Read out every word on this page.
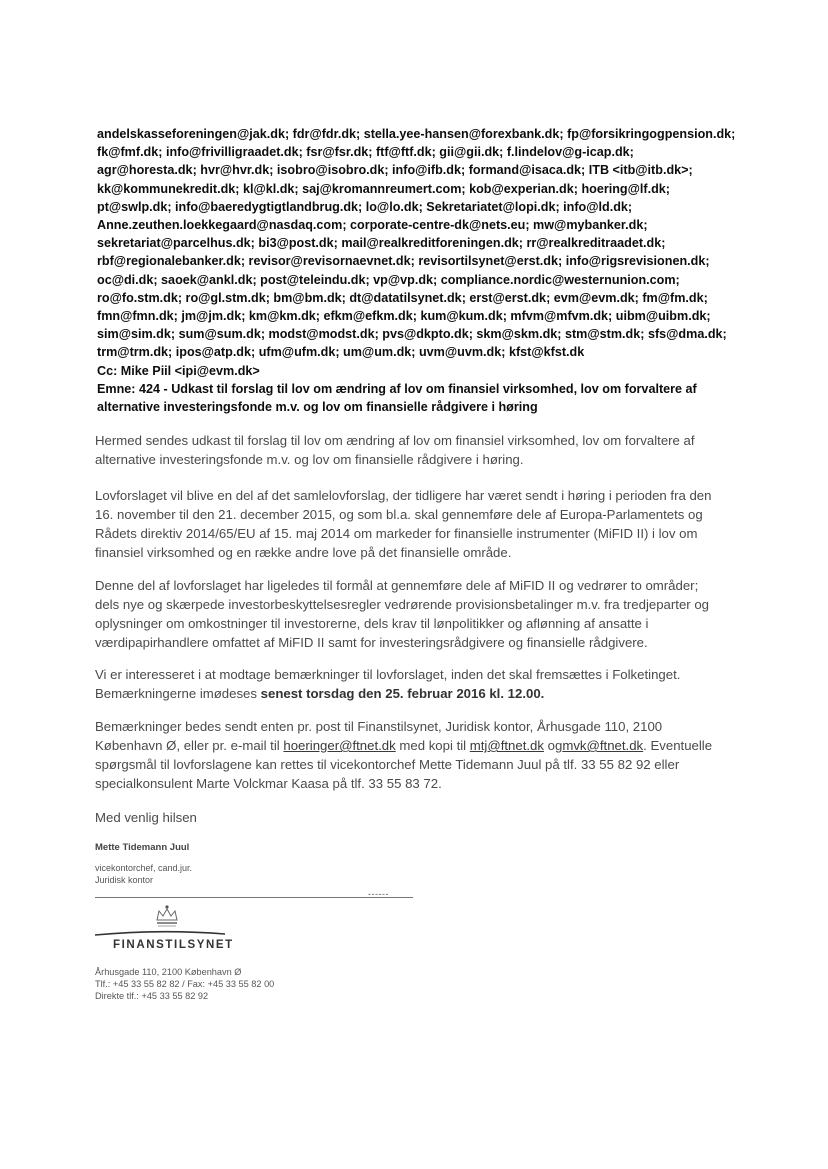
andelskasseforeningen@jak.dk; fdr@fdr.dk; stella.yee-hansen@forexbank.dk; fp@forsikringogpension.dk;
fk@fmf.dk; info@frivilligraadet.dk; fsr@fsr.dk; ftf@ftf.dk; gii@gii.dk; f.lindelov@g-icap.dk;
agr@horesta.dk; hvr@hvr.dk; isobro@isobro.dk; info@ifb.dk; formand@isaca.dk; ITB <itb@itb.dk>;
kk@kommunekredit.dk; kl@kl.dk; saj@kromannreumert.com; kob@experian.dk; hoering@lf.dk;
pt@swlp.dk; info@baeredygtigtlandbrug.dk; lo@lo.dk; Sekretariatet@lopi.dk; info@ld.dk;
Anne.zeuthen.loekkegaard@nasdaq.com; corporate-centre-dk@nets.eu; mw@mybanker.dk;
sekretariat@parcelhus.dk; bi3@post.dk; mail@realkreditforeningen.dk; rr@realkreditraadet.dk;
rbf@regionalebanker.dk; revisor@revisornaevnet.dk; revisortilsynet@erst.dk; info@rigsrevisionen.dk;
oc@di.dk; saoek@ankl.dk; post@teleindu.dk; vp@vp.dk; compliance.nordic@westernunion.com;
ro@fo.stm.dk; ro@gl.stm.dk; bm@bm.dk; dt@datatilsynet.dk; erst@erst.dk; evm@evm.dk; fm@fm.dk;
fmn@fmn.dk; jm@jm.dk; km@km.dk; efkm@efkm.dk; kum@kum.dk; mfvm@mfvm.dk; uibm@uibm.dk;
sim@sim.dk; sum@sum.dk; modst@modst.dk; pvs@dkpto.dk; skm@skm.dk; stm@stm.dk; sfs@dma.dk;
trm@trm.dk; ipos@atp.dk; ufm@ufm.dk; um@um.dk; uvm@uvm.dk; kfst@kfst.dk
Cc: Mike Piil <ipi@evm.dk>
Emne: 424 - Udkast til forslag til lov om ændring af lov om finansiel virksomhed, lov om forvaltere af
alternative investeringsfonde m.v. og lov om finansielle rådgivere i høring
Hermed sendes udkast til forslag til lov om ændring af lov om finansiel virksomhed, lov om forvaltere af
alternative investeringsfonde m.v. og lov om finansielle rådgivere i høring.
Lovforslaget vil blive en del af det samlelovforslag, der tidligere har været sendt i høring i perioden fra den
16. november til den 21. december 2015, og som bl.a. skal gennemføre dele af Europa-Parlamentets og
Rådets direktiv 2014/65/EU af 15. maj 2014 om markeder for finansielle instrumenter (MiFID II) i lov om
finansiel virksomhed og en række andre love på det finansielle område.
Denne del af lovforslaget har ligeledes til formål at gennemføre dele af MiFID II og vedrører to områder;
dels nye og skærpede investorbeskyttelsesregler vedrørende provisionsbetalinger m.v. fra tredjeparter og
oplysninger om omkostninger til investorerne, dels krav til lønpolitikker og aflønning af ansatte i
værdipapirhandlere omfattet af MiFID II samt for investeringsrådgivere og finansielle rådgivere.
Vi er interesseret i at modtage bemærkninger til lovforslaget, inden det skal fremsættes i Folketinget.
Bemærkningerne imødeses senest torsdag den 25. februar 2016 kl. 12.00.
Bemærkninger bedes sendt enten pr. post til Finanstilsynet, Juridisk kontor, Århusgade 110, 2100
København Ø, eller pr. e-mail til hoeringer@ftnet.dk med kopi til mtj@ftnet.dk ogmvk@ftnet.dk. Eventuelle
spørgsmål til lovforslagene kan rettes til vicekontorchef Mette Tidemann Juul på tlf. 33 55 82 92 eller
specialkonsulent Marte Volckmar Kaasa på tlf. 33 55 83 72.
Med venlig hilsen
Mette Tidemann Juul
vicekontorchef, cand.jur.
Juridisk kontor
------
FINANSTILSYNET
Århusgade 110, 2100 København Ø
Tlf.: +45 33 55 82 82 / Fax: +45 33 55 82 00
Direkte tlf.: +45 33 55 82 92
